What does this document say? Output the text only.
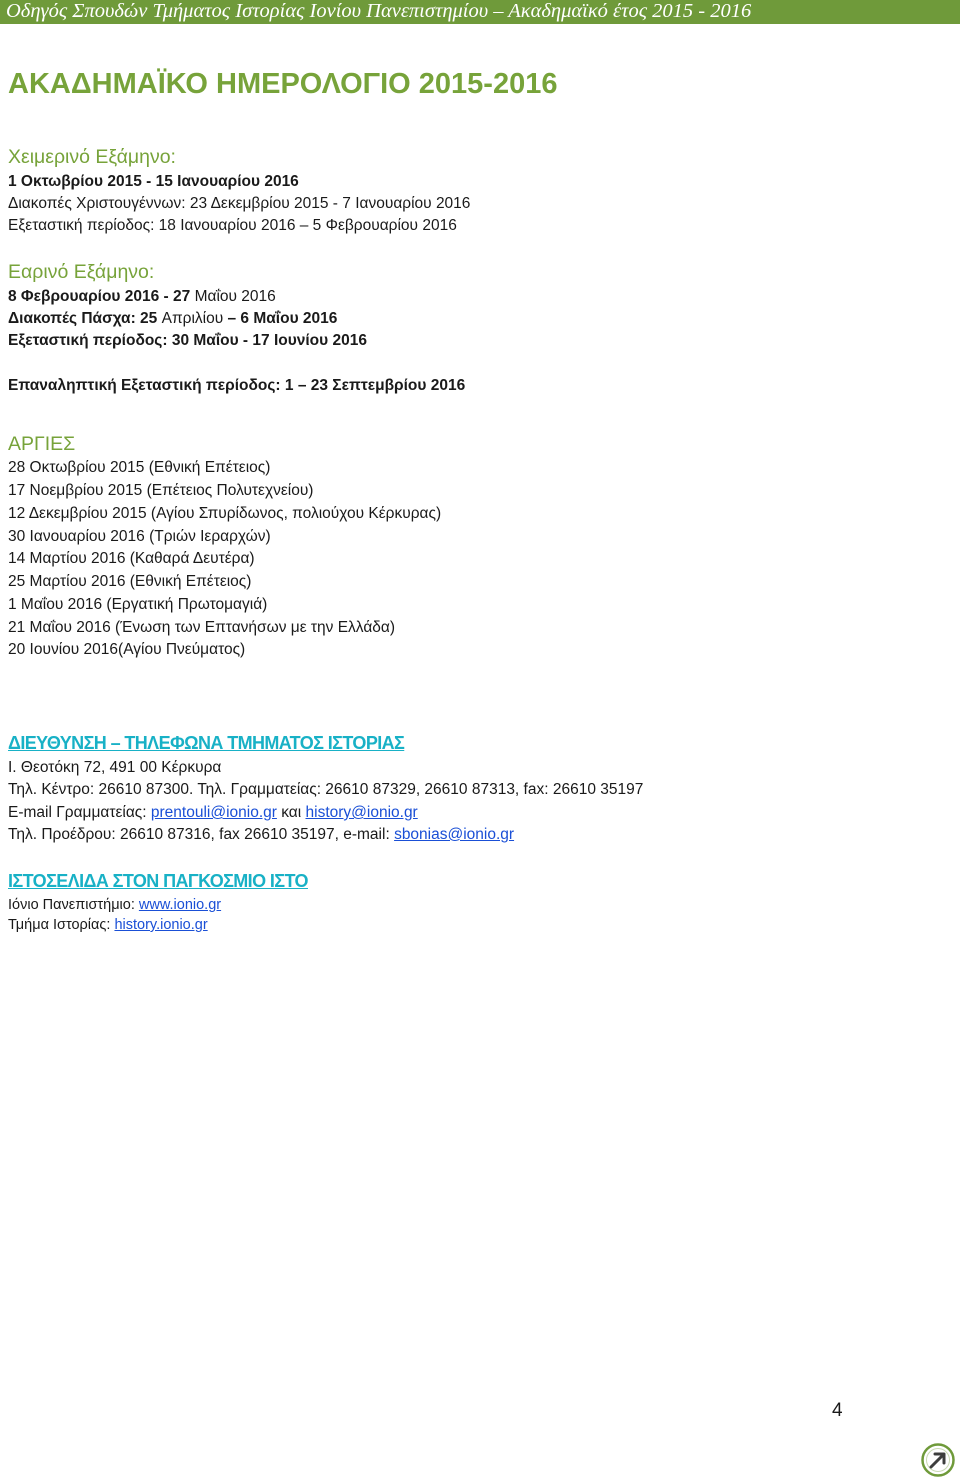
Οδηγός Σπουδών Τμήματος Ιστορίας Ιονίου Πανεπιστημίου – Ακαδημαϊκό έτος 2015 - 2016
ΑΚΑΔΗΜΑΪΚΟ ΗΜΕΡΟΛΟΓΙΟ 2015-2016
Χειμερινό Εξάμηνο:
1 Οκτωβρίου 2015 - 15 Ιανουαρίου 2016
Διακοπές Χριστουγέννων: 23 Δεκεμβρίου 2015 - 7 Ιανουαρίου 2016
Εξεταστική περίοδος: 18 Ιανουαρίου 2016 – 5 Φεβρουαρίου 2016
Εαρινό Εξάμηνο:
8 Φεβρουαρίου 2016 - 27 Μαΐου 2016
Διακοπές Πάσχα: 25 Απριλίου – 6 Μαΐου 2016
Εξεταστική περίοδος: 30 Μαΐου - 17 Ιουνίου 2016
Επαναληπτική Εξεταστική περίοδος: 1 – 23 Σεπτεμβρίου 2016
ΑΡΓΙΕΣ
28 Οκτωβρίου 2015 (Εθνική Επέτειος)
17 Νοεμβρίου 2015 (Επέτειος Πολυτεχνείου)
12 Δεκεμβρίου 2015 (Αγίου Σπυρίδωνος, πολιούχου Κέρκυρας)
30 Ιανουαρίου 2016 (Τριών Ιεραρχών)
14 Μαρτίου 2016 (Καθαρά Δευτέρα)
25 Μαρτίου 2016 (Εθνική Επέτειος)
1 Μαΐου 2016 (Εργατική Πρωτομαγιά)
21 Μαΐου 2016 (Ένωση των Επτανήσων με την Ελλάδα)
20 Ιουνίου 2016(Αγίου Πνεύματος)
ΔΙΕΥΘΥΝΣΗ – ΤΗΛΕΦΩΝΑ ΤΜΗΜΑΤΟΣ ΙΣΤΟΡΙΑΣ
Ι. Θεοτόκη 72, 491 00 Κέρκυρα
Τηλ. Κέντρο: 26610 87300. Τηλ. Γραμματείας: 26610 87329, 26610 87313, fax: 26610 35197
E-mail Γραμματείας: prentouli@ionio.gr και history@ionio.gr
Τηλ. Προέδρου: 26610 87316, fax 26610 35197, e-mail: sbonias@ionio.gr
ΙΣΤΟΣΕΛΙΔΑ ΣΤΟΝ ΠΑΓΚΟΣΜΙΟ ΙΣΤΟ
Ιόνιο Πανεπιστήμιο: www.ionio.gr
Τμήμα Ιστορίας: history.ionio.gr
4
